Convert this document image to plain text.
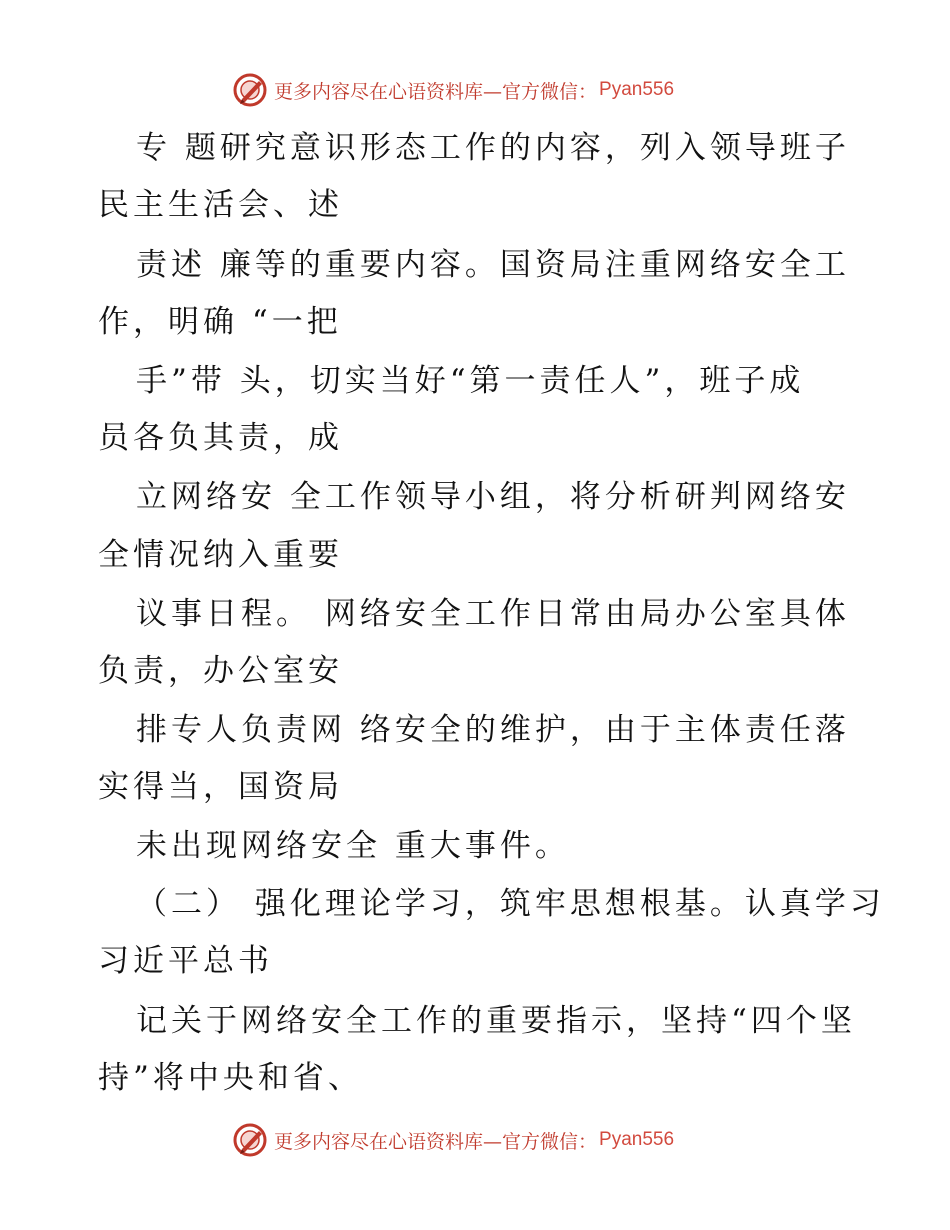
更多内容尽在心语资料库—官方微信： Pyan556
专 题研究意识形态工作的内容，列入领导班子
民主生活会、述
责述 廉等的重要内容。国资局注重网络安全工
作，明确 “一把
手”带 头，切实当好“第一责任人”，班子成
员各负其责，成
立网络安 全工作领导小组，将分析研判网络安
全情况纳入重要
议事日程。 网络安全工作日常由局办公室具体
负责，办公室安
排专人负责网 络安全的维护，由于主体责任落
实得当，国资局
未出现网络安全 重大事件。
（二） 强化理论学习，筑牢思想根基。认真学习
习近平总书
记关于网络安全工作的重要指示，坚持“四个坚
持”将中央和省、
更多内容尽在心语资料库—官方微信： Pyan556
